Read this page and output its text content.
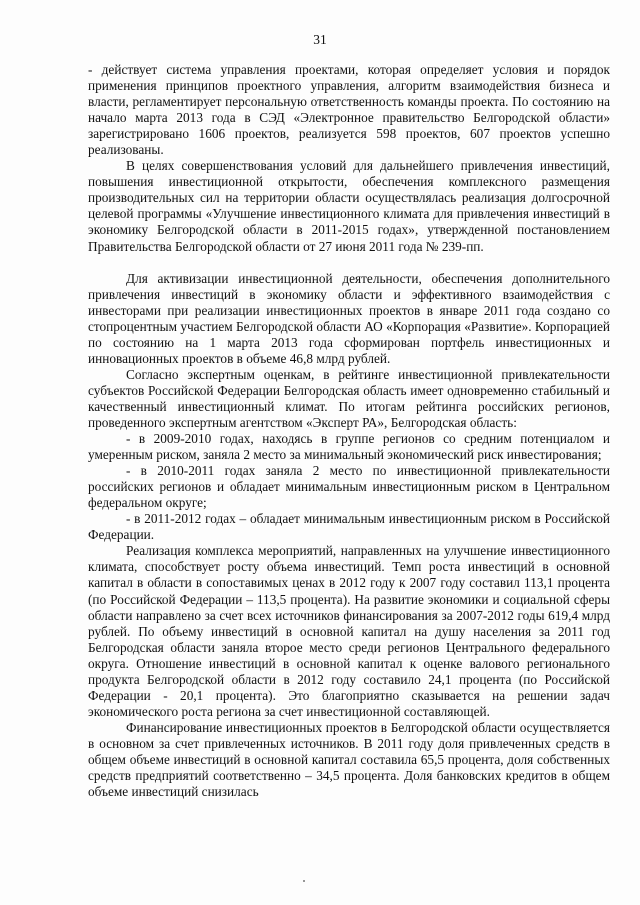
31

- действует система управления проектами, которая определяет условия и порядок применения принципов проектного управления, алгоритм взаимодействия бизнеса и власти, регламентирует персональную ответственность команды проекта. По состоянию на начало марта 2013 года в СЭД «Электронное правительство Белгородской области» зарегистрировано 1606 проектов, реализуется 598 проектов, 607 проектов успешно реализованы.

В целях совершенствования условий для дальнейшего привлечения инвестиций, повышения инвестиционной открытости, обеспечения комплексного размещения производительных сил на территории области осуществлялась реализация долгосрочной целевой программы «Улучшение инвестиционного климата для привлечения инвестиций в экономику Белгородской области в 2011-2015 годах», утвержденной постановлением Правительства Белгородской области от 27 июня 2011 года № 239-пп.

Для активизации инвестиционной деятельности, обеспечения дополнительного привлечения инвестиций в экономику области и эффективного взаимодействия с инвесторами при реализации инвестиционных проектов в январе 2011 года создано со стопроцентным участием Белгородской области АО «Корпорация «Развитие». Корпорацией по состоянию на 1 марта 2013 года сформирован портфель инвестиционных и инновационных проектов в объеме 46,8 млрд рублей.

Согласно экспертным оценкам, в рейтинге инвестиционной привлекательности субъектов Российской Федерации Белгородская область имеет одновременно стабильный и качественный инвестиционный климат. По итогам рейтинга российских регионов, проведенного экспертным агентством «Эксперт РА», Белгородская область:

- в 2009-2010 годах, находясь в группе регионов со средним потенциалом и умеренным риском, заняла 2 место за минимальный экономический риск инвестирования;

- в 2010-2011 годах заняла 2 место по инвестиционной привлекательности российских регионов и обладает минимальным инвестиционным риском в Центральном федеральном округе;

- в 2011-2012 годах – обладает минимальным инвестиционным риском в Российской Федерации.

Реализация комплекса мероприятий, направленных на улучшение инвестиционного климата, способствует росту объема инвестиций. Темп роста инвестиций в основной капитал в области в сопоставимых ценах в 2012 году к 2007 году составил 113,1 процента (по Российской Федерации – 113,5 процента). На развитие экономики и социальной сферы области направлено за счет всех источников финансирования за 2007-2012 годы 619,4 млрд рублей. По объему инвестиций в основной капитал на душу населения за 2011 год Белгородская области заняла второе место среди регионов Центрального федерального округа. Отношение инвестиций в основной капитал к оценке валового регионального продукта Белгородской области в 2012 году составило 24,1 процента (по Российской Федерации - 20,1 процента). Это благоприятно сказывается на решении задач экономического роста региона за счет инвестиционной составляющей.

Финансирование инвестиционных проектов в Белгородской области осуществляется в основном за счет привлеченных источников. В 2011 году доля привлеченных средств в общем объеме инвестиций в основной капитал составила 65,5 процента, доля собственных средств предприятий соответственно – 34,5 процента. Доля банковских кредитов в общем объеме инвестиций снизилась
